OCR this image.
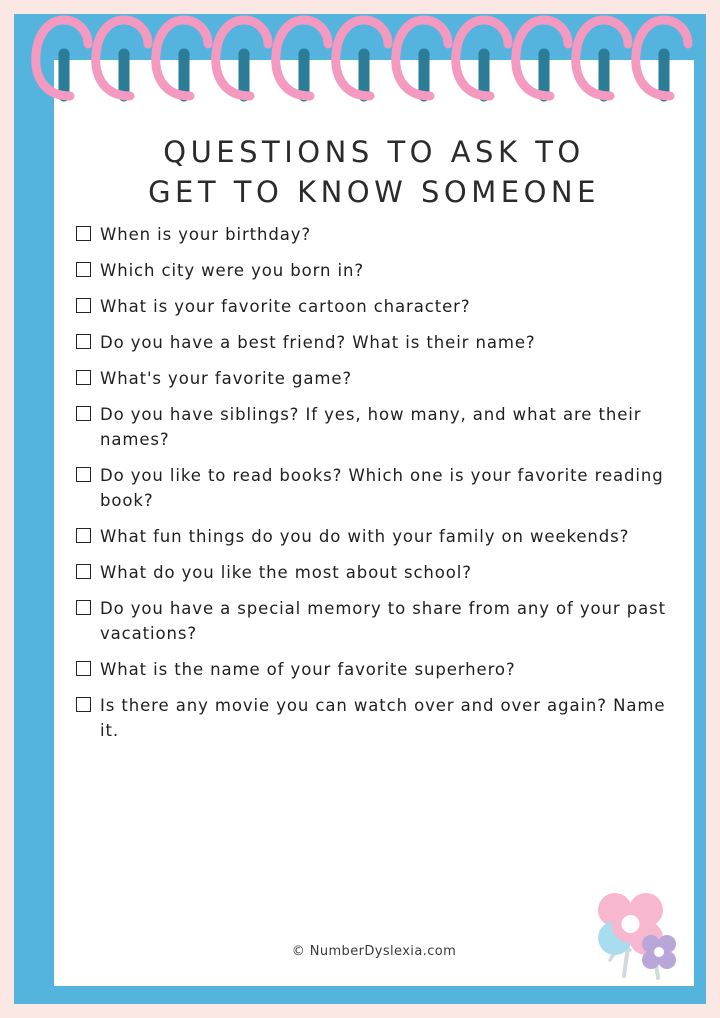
QUESTIONS TO ASK TO
GET TO KNOW SOMEONE
When is your birthday?
Which city were you born in?
What is your favorite cartoon character?
Do you have a best friend? What is their name?
What's your favorite game?
Do you have siblings? If yes, how many, and what are their names?
Do you like to read books? Which one is your favorite reading book?
What fun things do you do with your family on weekends?
What do you like the most about school?
Do you have a special memory to share from any of your past vacations?
What is the name of your favorite superhero?
Is there any movie you can watch over and over again? Name it.
© NumberDyslexia.com
